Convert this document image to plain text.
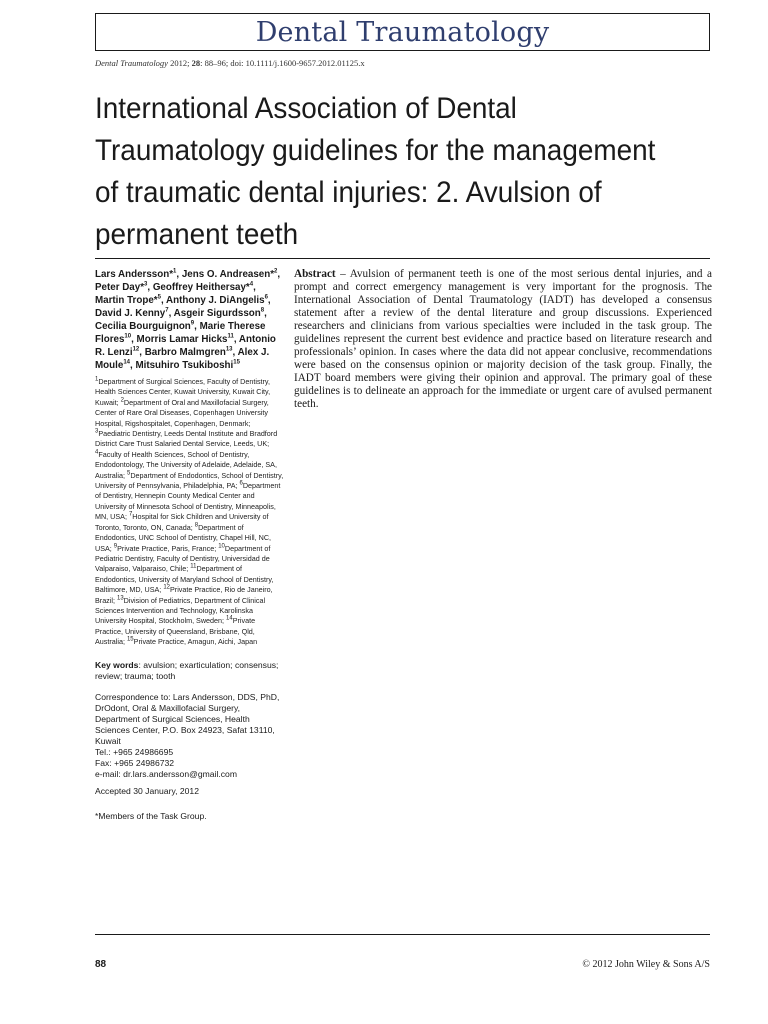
Dental Traumatology
Dental Traumatology 2012; 28: 88–96; doi: 10.1111/j.1600-9657.2012.01125.x
International Association of Dental Traumatology guidelines for the management of traumatic dental injuries: 2. Avulsion of permanent teeth

Lars Andersson*$^1$, Jens O. Andreasen*$^2$, Peter Day*$^3$, Geoffrey Heithersay*$^4$, Martin Trope*$^5$, Anthony J. DiAngelis$^6$, David J. Kenny$^7$, Asgeir Sigurdsson$^8$, Cecilia Bourguignon$^9$, Marie Therese Flores$^{10}$, Morris Lamar Hicks$^{11}$, Antonio R. Lenzi$^{12}$, Barbro Malmgren$^{13}$, Alex J. Moule$^{14}$, Mitsuhiro Tsukiboshi$^{15}$

$^1$Department of Surgical Sciences, Faculty of Dentistry, Health Sciences Center, Kuwait University, Kuwait City, Kuwait; $^2$Department of Oral and Maxillofacial Surgery, Center of Rare Oral Diseases, Copenhagen University Hospital, Rigshospitalet, Copenhagen, Denmark; $^3$Paediatric Dentistry, Leeds Dental Institute and Bradford District Care Trust Salaried Dental Service, Leeds, UK; $^4$Faculty of Health Sciences, School of Dentistry, Endodontology, The University of Adelaide, Adelaide, SA, Australia; $^5$Department of Endodontics, School of Dentistry, University of Pennsylvania, Philadelphia, PA; $^6$Department of Dentistry, Hennepin County Medical Center and University of Minnesota School of Dentistry, Minneapolis, MN, USA; $^7$Hospital for Sick Children and University of Toronto, Toronto, ON, Canada; $^8$Department of Endodontics, UNC School of Dentistry, Chapel Hill, NC, USA; $^9$Private Practice, Paris, France; $^{10}$Department of Pediatric Dentistry, Faculty of Dentistry, Universidad de Valparaiso, Valparaiso, Chile; $^{11}$Department of Endodontics, University of Maryland School of Dentistry, Baltimore, MD, USA; $^{12}$Private Practice, Rio de Janeiro, Brazil; $^{13}$Division of Pediatrics, Department of Clinical Sciences Intervention and Technology, Karolinska University Hospital, Stockholm, Sweden; $^{14}$Private Practice, University of Queensland, Brisbane, Qld, Australia; $^{15}$Private Practice, Amagun, Aichi, Japan

Key words: avulsion; exarticulation; consensus; review; trauma; tooth

Correspondence to: Lars Andersson, DDS, PhD, DrOdont, Oral & Maxillofacial Surgery, Department of Surgical Sciences, Health Sciences Center, P.O. Box 24923, Safat 13110, Kuwait
Tel.: +965 24986695
Fax: +965 24986732
e-mail: dr.lars.andersson@gmail.com

Accepted 30 January, 2012

*Members of the Task Group.

Abstract – Avulsion of permanent teeth is one of the most serious dental injuries, and a prompt and correct emergency management is very important for the prognosis. The International Association of Dental Traumatology (IADT) has developed a consensus statement after a review of the dental literature and group discussions. Experienced researchers and clinicians from various specialties were included in the task group. The guidelines represent the current best evidence and practice based on literature research and professionals’ opinion. In cases where the data did not appear conclusive, recommendations were based on the consensus opinion or majority decision of the task group. Finally, the IADT board members were giving their opinion and approval. The primary goal of these guidelines is to delineate an approach for the immediate or urgent care of avulsed permanent teeth.

88	© 2012 John Wiley & Sons A/S
